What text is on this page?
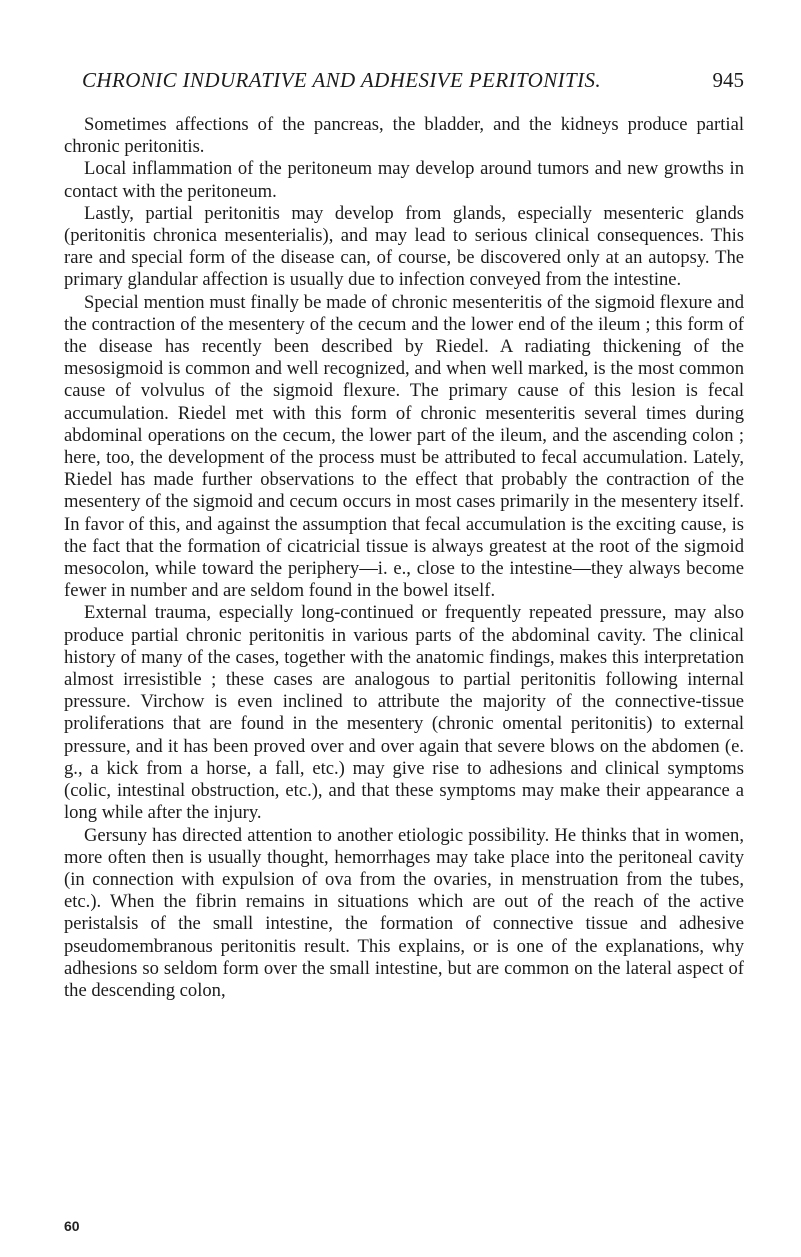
CHRONIC INDURATIVE AND ADHESIVE PERITONITIS.	945

Sometimes affections of the pancreas, the bladder, and the kidneys produce partial chronic peritonitis.

Local inflammation of the peritoneum may develop around tumors and new growths in contact with the peritoneum.

Lastly, partial peritonitis may develop from glands, especially mesenteric glands (peritonitis chronica mesenterialis), and may lead to serious clinical consequences. This rare and special form of the disease can, of course, be discovered only at an autopsy. The primary glandular affection is usually due to infection conveyed from the intestine.

Special mention must finally be made of chronic mesenteritis of the sigmoid flexure and the contraction of the mesentery of the cecum and the lower end of the ileum ; this form of the disease has recently been described by Riedel. A radiating thickening of the mesosigmoid is common and well recognized, and when well marked, is the most common cause of volvulus of the sigmoid flexure. The primary cause of this lesion is fecal accumulation. Riedel met with this form of chronic mesenteritis several times during abdominal operations on the cecum, the lower part of the ileum, and the ascending colon ; here, too, the development of the process must be attributed to fecal accumulation. Lately, Riedel has made further observations to the effect that probably the contraction of the mesentery of the sigmoid and cecum occurs in most cases primarily in the mesentery itself. In favor of this, and against the assumption that fecal accumulation is the exciting cause, is the fact that the formation of cicatricial tissue is always greatest at the root of the sigmoid mesocolon, while toward the periphery—i. e., close to the intestine—they always become fewer in number and are seldom found in the bowel itself.

External trauma, especially long-continued or frequently repeated pressure, may also produce partial chronic peritonitis in various parts of the abdominal cavity. The clinical history of many of the cases, together with the anatomic findings, makes this interpretation almost irresistible ; these cases are analogous to partial peritonitis following internal pressure. Virchow is even inclined to attribute the majority of the connective-tissue proliferations that are found in the mesentery (chronic omental peritonitis) to external pressure, and it has been proved over and over again that severe blows on the abdomen (e. g., a kick from a horse, a fall, etc.) may give rise to adhesions and clinical symptoms (colic, intestinal obstruction, etc.), and that these symptoms may make their appearance a long while after the injury.

Gersuny has directed attention to another etiologic possibility. He thinks that in women, more often then is usually thought, hemorrhages may take place into the peritoneal cavity (in connection with expulsion of ova from the ovaries, in menstruation from the tubes, etc.). When the fibrin remains in situations which are out of the reach of the active peristalsis of the small intestine, the formation of connective tissue and adhesive pseudomembranous peritonitis result. This explains, or is one of the explanations, why adhesions so seldom form over the small intestine, but are common on the lateral aspect of the descending colon,

60
